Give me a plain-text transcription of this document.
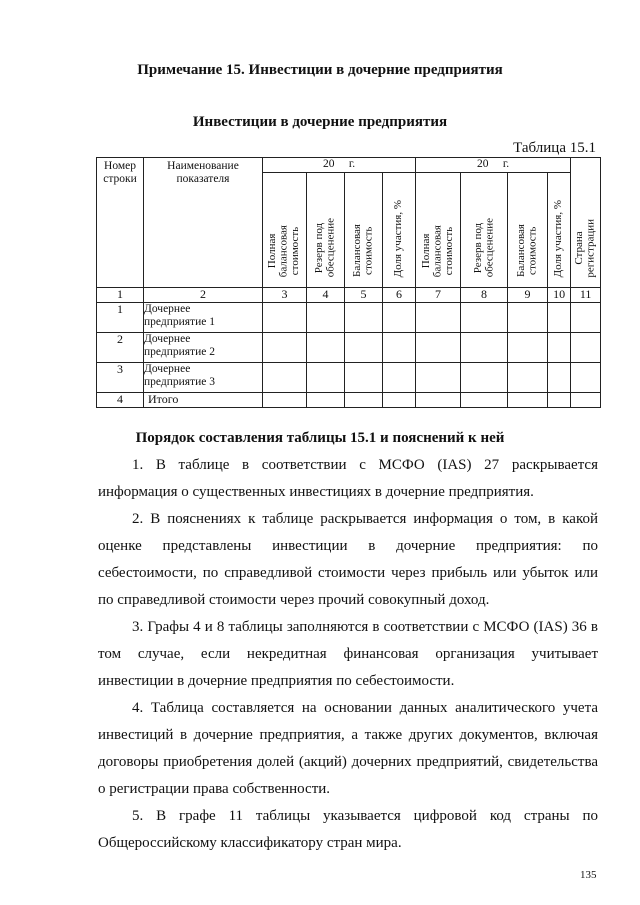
Примечание 15. Инвестиции в дочерние предприятия
Инвестиции в дочерние предприятия
Таблица 15.1
Номер
строки	Наименование
показателя	20     г.				20     г.				Страна
регистрации
		Полная
балансовая
стоимость	Резерв под
обесценение	Балансовая
стоимость	Доля участия, %	Полная
балансовая
стоимость	Резерв под
обесценение	Балансовая
стоимость	Доля участия, %	
1	2	3	4	5	6	7	8	9	10	11
1	Дочернее
предприятие 1									
2	Дочернее
предприятие 2									
3	Дочернее
предприятие 3									
4	Итого									
Порядок составления таблицы 15.1 и пояснений к ней
1. В таблице в соответствии с МСФО (IAS) 27 раскрывается информация о существенных инвестициях в дочерние предприятия.
2. В пояснениях к таблице раскрывается информация о том, в какой оценке представлены инвестиции в дочерние предприятия: по себестоимости, по справедливой стоимости через прибыль или убыток или по справедливой стоимости через прочий совокупный доход.
3. Графы 4 и 8 таблицы заполняются в соответствии с МСФО (IAS) 36 в том случае, если некредитная финансовая организация учитывает инвестиции в дочерние предприятия по себестоимости.
4. Таблица составляется на основании данных аналитического учета инвестиций в дочерние предприятия, а также других документов, включая договоры приобретения долей (акций) дочерних предприятий, свидетельства о регистрации права собственности.
5. В графе 11 таблицы указывается цифровой код страны по Общероссийскому классификатору стран мира.
135
